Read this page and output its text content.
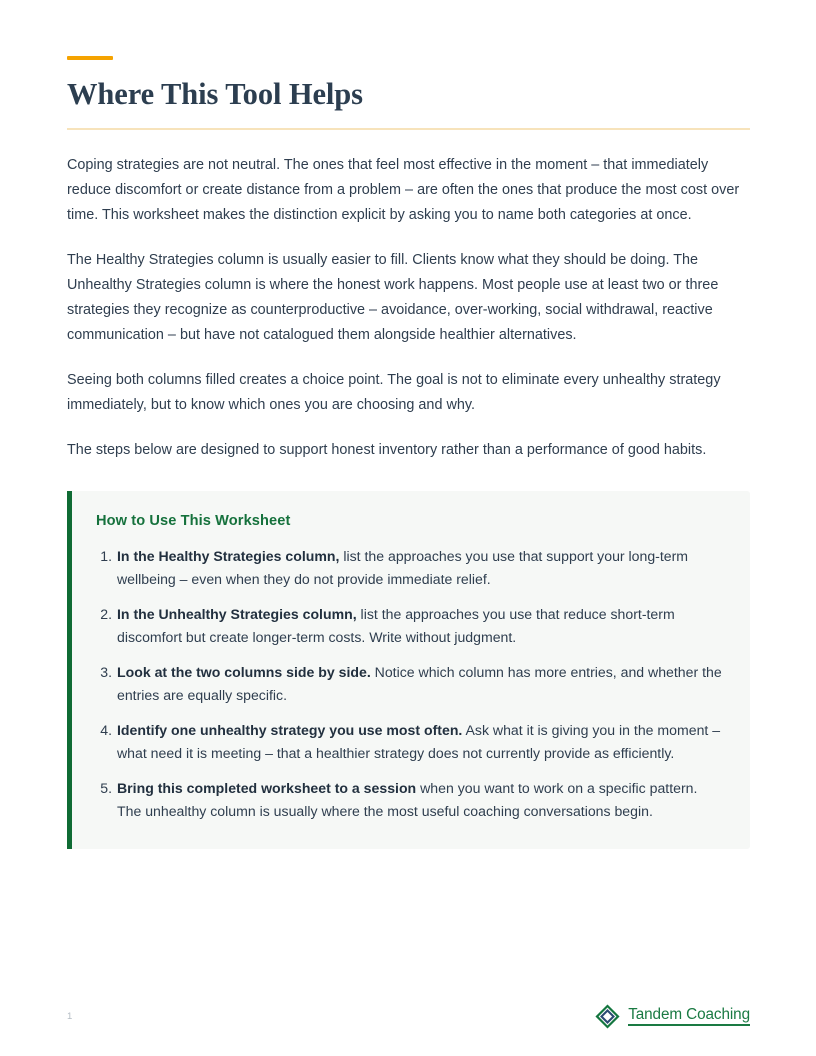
Where This Tool Helps

Coping strategies are not neutral. The ones that feel most effective in the moment – that immediately reduce discomfort or create distance from a problem – are often the ones that produce the most cost over time. This worksheet makes the distinction explicit by asking you to name both categories at once.

The Healthy Strategies column is usually easier to fill. Clients know what they should be doing. The Unhealthy Strategies column is where the honest work happens. Most people use at least two or three strategies they recognize as counterproductive – avoidance, over-working, social withdrawal, reactive communication – but have not catalogued them alongside healthier alternatives.

Seeing both columns filled creates a choice point. The goal is not to eliminate every unhealthy strategy immediately, but to know which ones you are choosing and why.

The steps below are designed to support honest inventory rather than a performance of good habits.

How to Use This Worksheet
In the Healthy Strategies column, list the approaches you use that support your long-term wellbeing – even when they do not provide immediate relief.
In the Unhealthy Strategies column, list the approaches you use that reduce short-term discomfort but create longer-term costs. Write without judgment.
Look at the two columns side by side. Notice which column has more entries, and whether the entries are equally specific.
Identify one unhealthy strategy you use most often. Ask what it is giving you in the moment – what need it is meeting – that a healthier strategy does not currently provide as efficiently.
Bring this completed worksheet to a session when you want to work on a specific pattern. The unhealthy column is usually where the most useful coaching conversations begin.
1	Tandem Coaching
